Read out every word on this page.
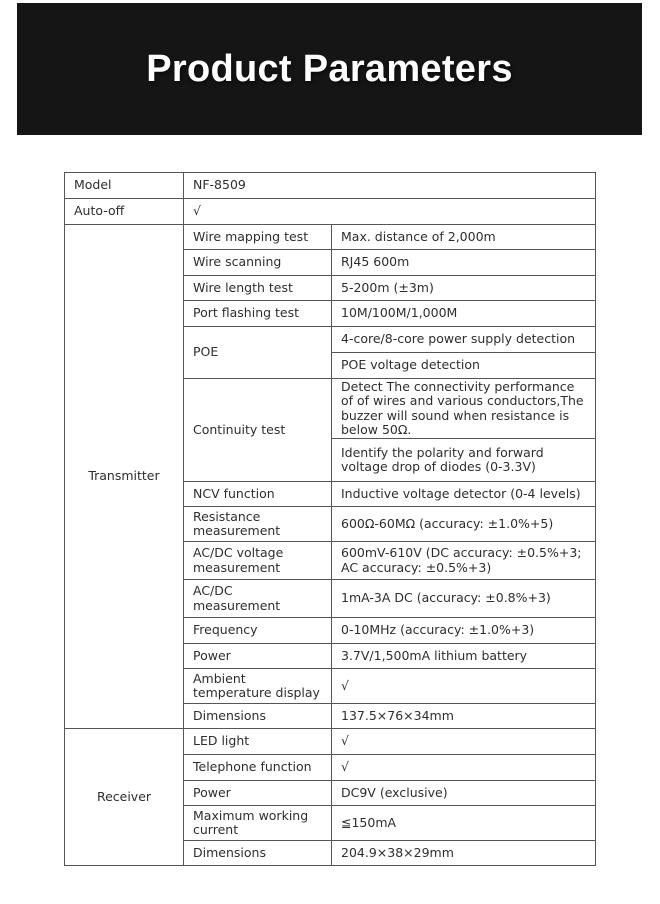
Product Parameters
Model	NF-8509	
Auto-off	√	
Transmitter	Wire mapping test	Max. distance of 2,000m
	Wire scanning	RJ45 600m
	Wire length test	5-200m (±3m)
	Port flashing test	10M/100M/1,000M
	POE	4-core/8-core power supply detection
		POE voltage detection
	Continuity test	Detect The connectivity performance of of wires and various conductors,The buzzer will sound when resistance is below 50Ω.
		Identify the polarity and forward voltage drop of diodes (0-3.3V)
	NCV function	Inductive voltage detector (0-4 levels)
	Resistance measurement	600Ω-60MΩ (accuracy: ±1.0%+5)
	AC/DC voltage measurement	600mV-610V (DC accuracy: ±0.5%+3; AC accuracy: ±0.5%+3)
	AC/DC measurement	1mA-3A DC (accuracy: ±0.8%+3)
	Frequency	0-10MHz (accuracy: ±1.0%+3)
	Power	3.7V/1,500mA lithium battery
	Ambient temperature display	√
	Dimensions	137.5×76×34mm
Receiver	LED light	√
	Telephone function	√
	Power	DC9V (exclusive)
	Maximum working current	≦150mA
	Dimensions	204.9×38×29mm
